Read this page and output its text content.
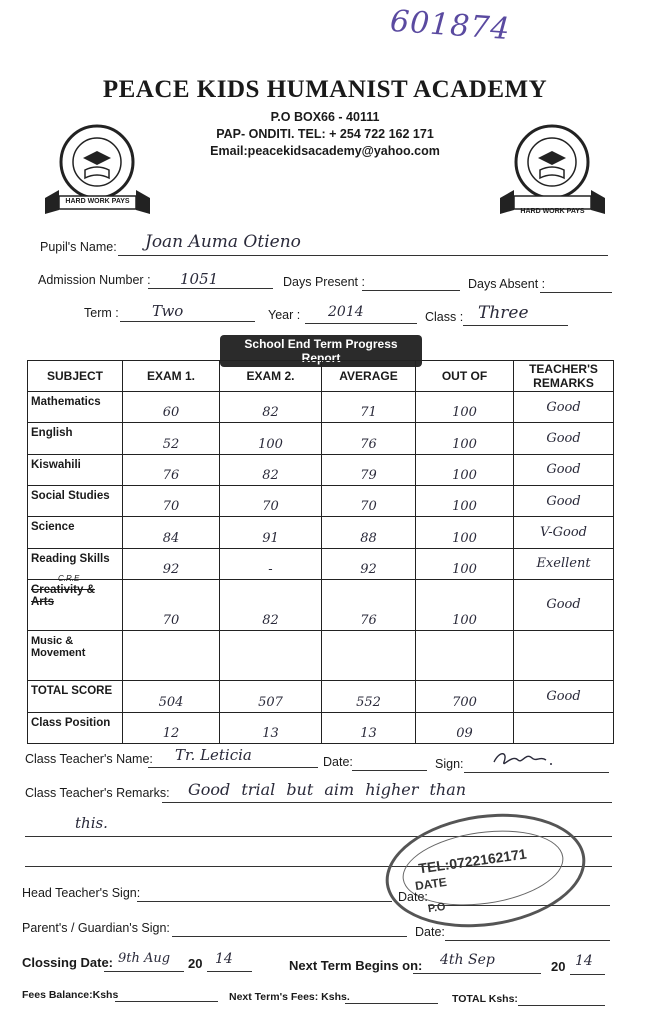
601874
PEACE KIDS HUMANIST ACADEMY
P.O BOX66 - 40111
PAP- ONDITI. TEL: + 254 722 162 171
Email:peacekidsacademy@yahoo.com
HARD WORK PAYS
HARD WORK PAYS
Pupil's Name: Joan Auma Otieno
Admission Number : 1051	Days Present :	Days Absent :
Term : Two	Year : 2014	Class : Three
School End Term Progress Report
SUBJECT	EXAM 1.	EXAM 2.	AVERAGE	OUT OF	TEACHER'S REMARKS
Mathematics	60	82	71	100	Good
English	52	100	76	100	Good
Kiswahili	76	82	79	100	Good
Social Studies	70	70	70	100	Good
Science	84	91	88	100	V-Good
Reading Skills	92	-	92	100	Exellent

C.R.E
Creativity & Arts	70	82	76	100	Good
Music & Movement					
TOTAL SCORE	504	507	552	700	Good
Class Position	12	13	13	09	
Class Teacher's Name: Tr. Leticia	Date:	Sign:
Class Teacher's Remarks: Good trial but aim higher than
this.
TEL:0722162171
DATE
P.O
Head Teacher's Sign:	Date:
Parent's / Guardian's Sign:	Date:
Clossing Date: 9th Aug 20 14	Next Term Begins on: 4th Sep	20 14
Fees Balance:Kshs	Next Term's Fees: Kshs.	TOTAL Kshs:
